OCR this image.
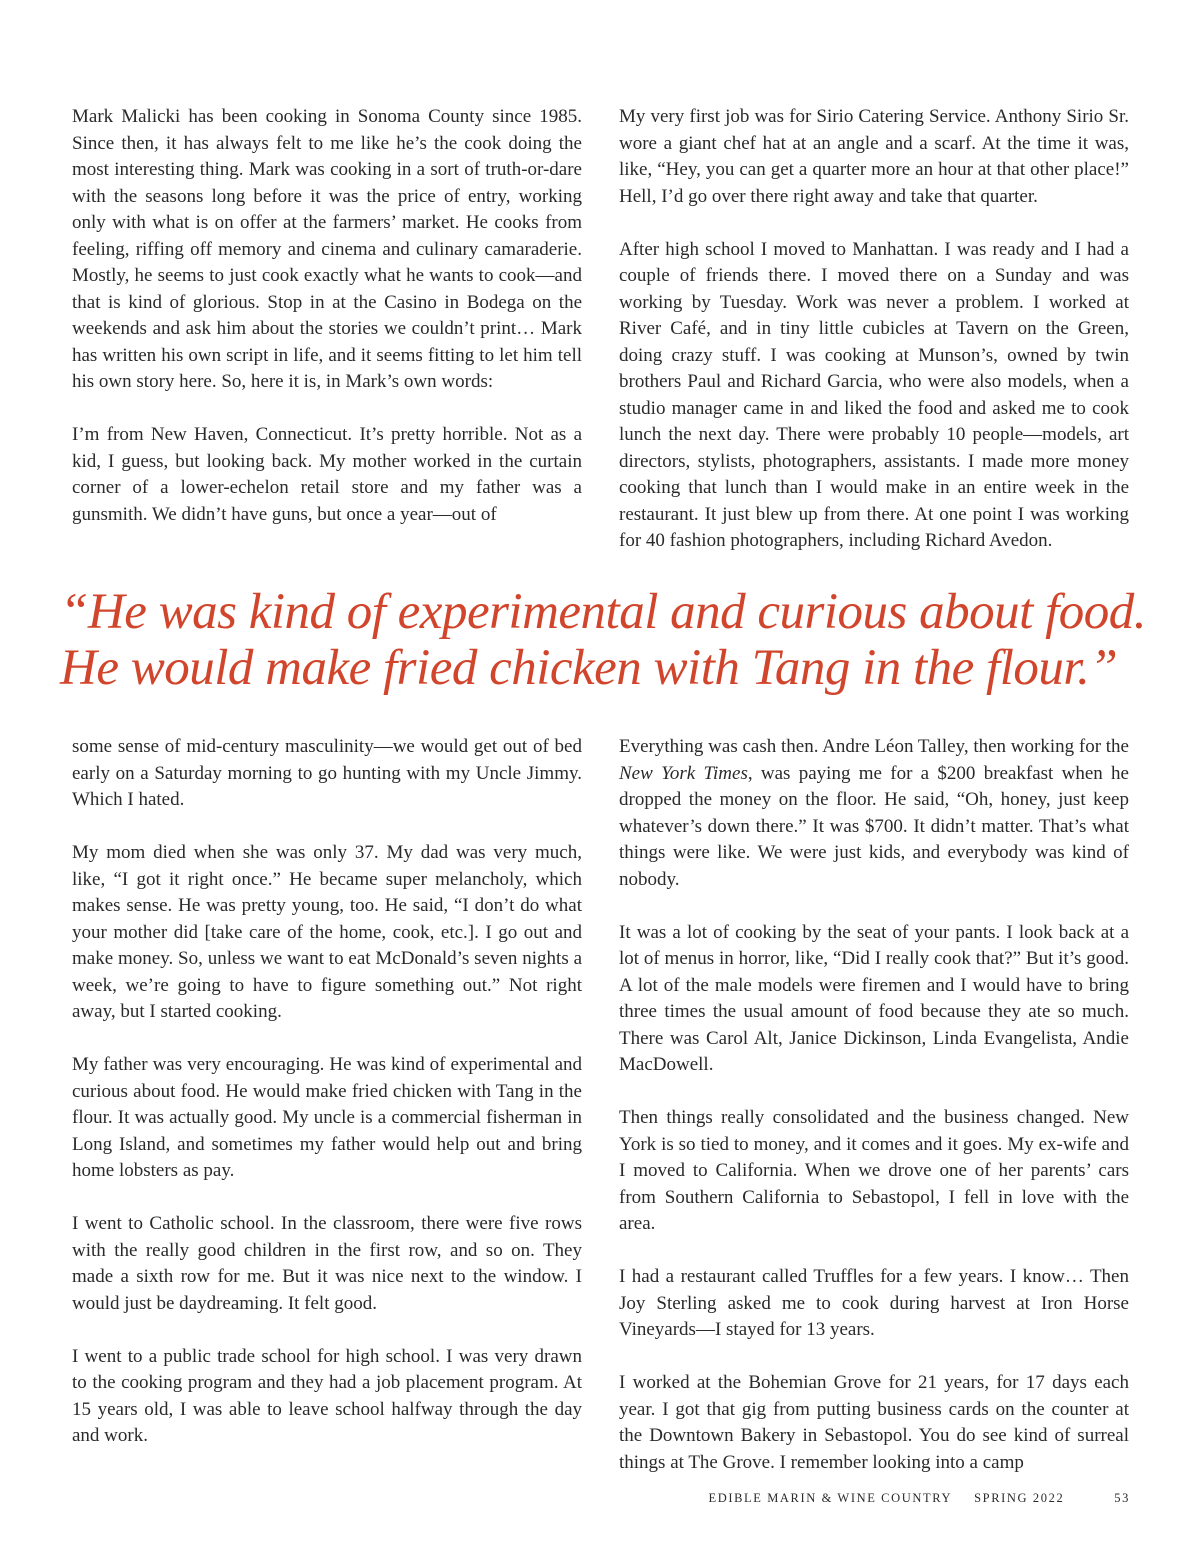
Mark Malicki has been cooking in Sonoma County since 1985. Since then, it has always felt to me like he’s the cook doing the most interesting thing. Mark was cooking in a sort of truth-or-dare with the seasons long before it was the price of entry, working only with what is on offer at the farmers’ market. He cooks from feeling, riffing off memory and cinema and culinary camaraderie. Mostly, he seems to just cook exactly what he wants to cook—and that is kind of glorious. Stop in at the Casino in Bodega on the weekends and ask him about the stories we couldn’t print… Mark has written his own script in life, and it seems fitting to let him tell his own story here. So, here it is, in Mark’s own words:

I’m from New Haven, Connecticut. It’s pretty horrible. Not as a kid, I guess, but looking back. My mother worked in the curtain corner of a lower-echelon retail store and my father was a gunsmith. We didn’t have guns, but once a year—out of

My very first job was for Sirio Catering Service. Anthony Sirio Sr. wore a giant chef hat at an angle and a scarf. At the time it was, like, “Hey, you can get a quarter more an hour at that other place!” Hell, I’d go over there right away and take that quarter.

After high school I moved to Manhattan. I was ready and I had a couple of friends there. I moved there on a Sunday and was working by Tuesday. Work was never a problem. I worked at River Café, and in tiny little cubicles at Tavern on the Green, doing crazy stuff. I was cooking at Munson’s, owned by twin brothers Paul and Richard Garcia, who were also models, when a studio manager came in and liked the food and asked me to cook lunch the next day. There were probably 10 people—models, art directors, stylists, photographers, assistants. I made more money cooking that lunch than I would make in an entire week in the restaurant. It just blew up from there. At one point I was working for 40 fashion photographers, including Richard Avedon.

“He was kind of experimental and curious about food.
He would make fried chicken with Tang in the flour.”

some sense of mid-century masculinity—we would get out of bed early on a Saturday morning to go hunting with my Uncle Jimmy. Which I hated.

My mom died when she was only 37. My dad was very much, like, “I got it right once.” He became super melancholy, which makes sense. He was pretty young, too. He said, “I don’t do what your mother did [take care of the home, cook, etc.]. I go out and make money. So, unless we want to eat McDonald’s seven nights a week, we’re going to have to figure something out.” Not right away, but I started cooking.

My father was very encouraging. He was kind of experimental and curious about food. He would make fried chicken with Tang in the flour. It was actually good. My uncle is a commercial fisherman in Long Island, and sometimes my father would help out and bring home lobsters as pay.

I went to Catholic school. In the classroom, there were five rows with the really good children in the first row, and so on. They made a sixth row for me. But it was nice next to the window. I would just be daydreaming. It felt good.

I went to a public trade school for high school. I was very drawn to the cooking program and they had a job placement program. At 15 years old, I was able to leave school halfway through the day and work.

Everything was cash then. Andre Léon Talley, then working for the New York Times, was paying me for a $200 breakfast when he dropped the money on the floor. He said, “Oh, honey, just keep whatever’s down there.” It was $700. It didn’t matter. That’s what things were like. We were just kids, and everybody was kind of nobody.

It was a lot of cooking by the seat of your pants. I look back at a lot of menus in horror, like, “Did I really cook that?” But it’s good. A lot of the male models were firemen and I would have to bring three times the usual amount of food because they ate so much. There was Carol Alt, Janice Dickinson, Linda Evangelista, Andie MacDowell.

Then things really consolidated and the business changed. New York is so tied to money, and it comes and it goes. My ex-wife and I moved to California. When we drove one of her parents’ cars from Southern California to Sebastopol, I fell in love with the area.

I had a restaurant called Truffles for a few years. I know… Then Joy Sterling asked me to cook during harvest at Iron Horse Vineyards—I stayed for 13 years.

I worked at the Bohemian Grove for 21 years, for 17 days each year. I got that gig from putting business cards on the counter at the Downtown Bakery in Sebastopol. You do see kind of surreal things at The Grove. I remember looking into a camp

EDIBLE MARIN & WINE COUNTRY SPRING 2022	53
